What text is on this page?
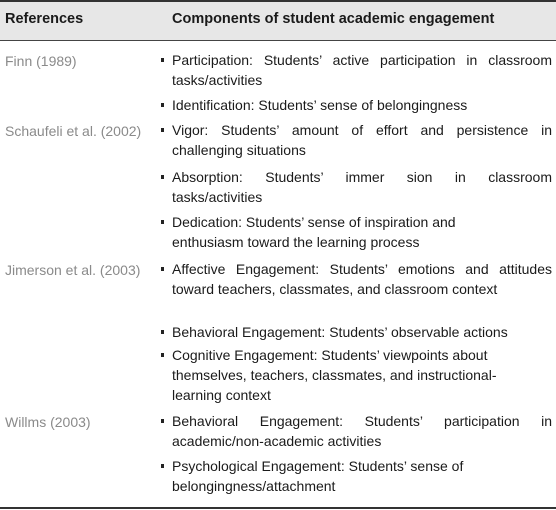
References	Components of student academic engagement
Finn (1989)	Participation: Students’ active participation in classroom tasks/activities
Identification: Students’ sense of belongingness
Schaufeli et al. (2002) Vigor: Students’ amount of effort and persistence in challenging situations
Absorption: Students’ immer sion in classroom tasks/activities
Dedication: Students’ sense of inspiration and enthusiasm toward the learning process
Jimerson et al. (2003) Affective Engagement: Students’ emotions and attitudes toward teachers, classmates, and classroom context
Behavioral Engagement: Students’ observable actions
Cognitive Engagement: Students’ viewpoints about themselves, teachers, classmates, and instructional-learning context
Willms (2003)	Behavioral Engagement: Students’ participation in academic/non-academic activities
Psychological Engagement: Students’ sense of belongingness/attachment
